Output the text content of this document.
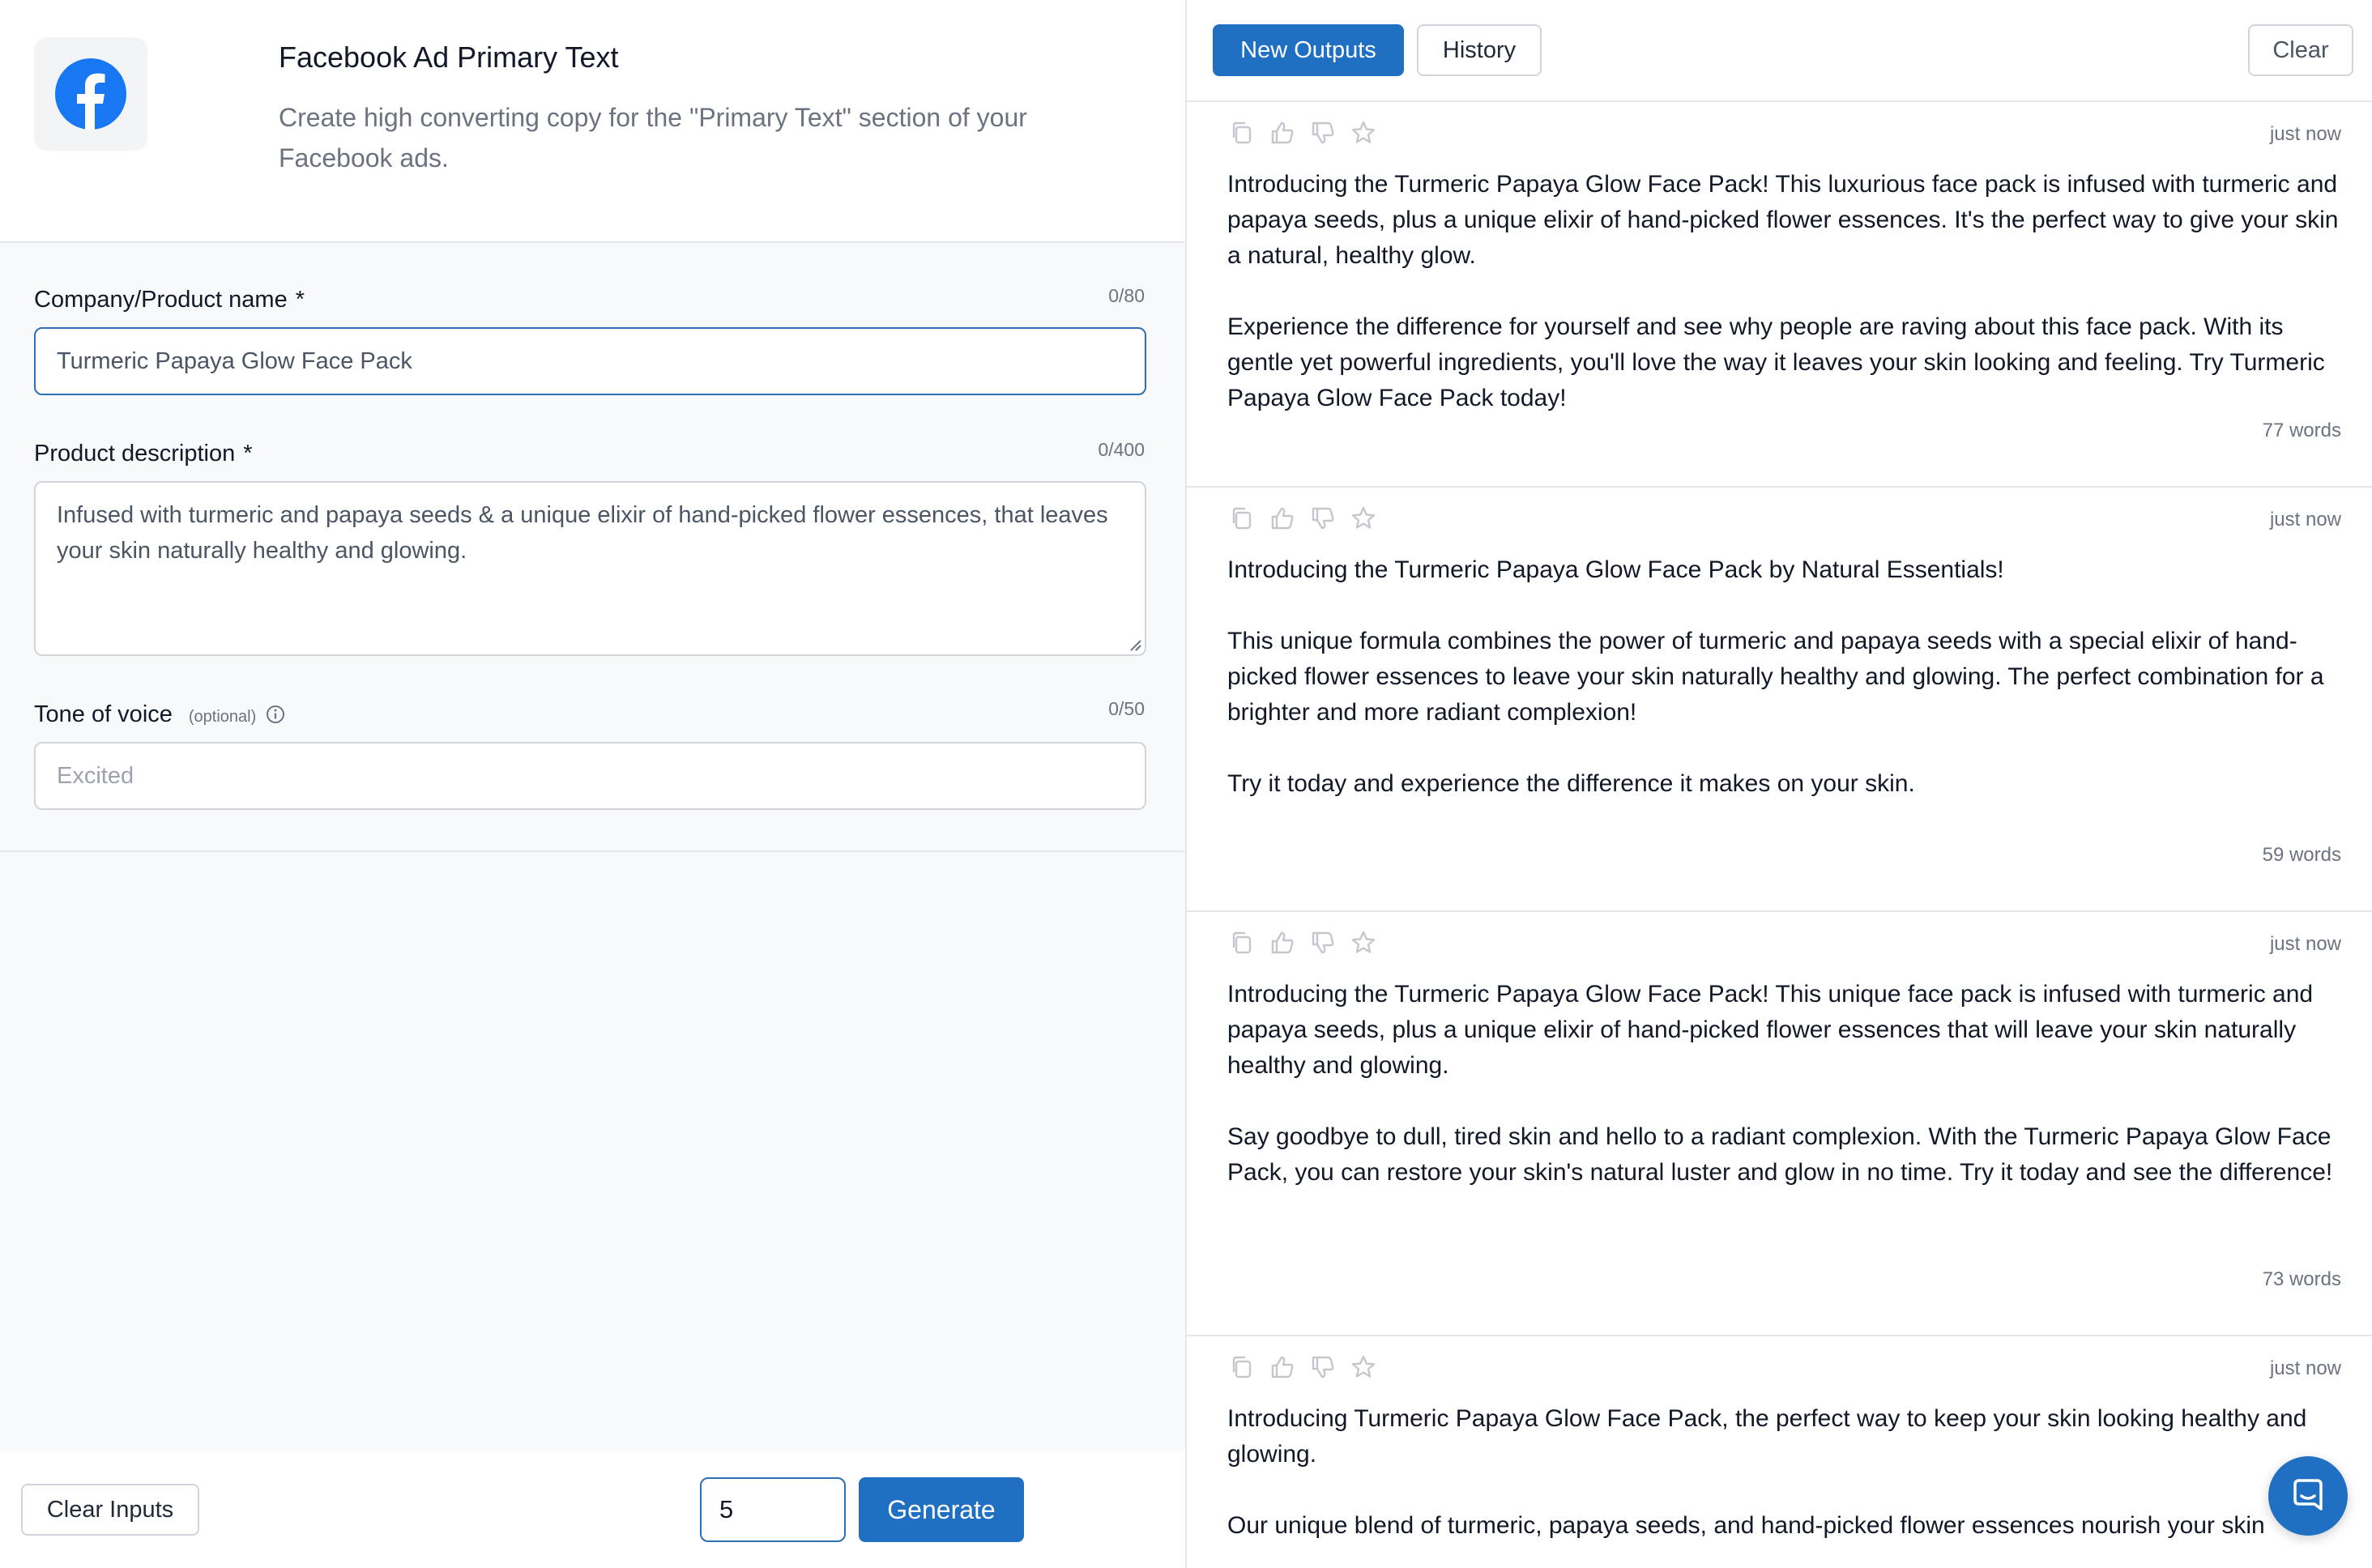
Facebook Ad Primary Text

Create high converting copy for the "Primary Text" section of your Facebook ads.

Company/Product name *	0/80
Turmeric Papaya Glow Face Pack
Product description *	0/400
Infused with turmeric and papaya seeds & a unique elixir of hand-picked flower essences, that leaves your skin naturally healthy and glowing.
Tone of voice (optional)	0/50
Excited
Clear Inputs	5	Generate
New Outputs	History	Clear
just now

Introducing the Turmeric Papaya Glow Face Pack! This luxurious face pack is infused with turmeric and papaya seeds, plus a unique elixir of hand-picked flower essences. It's the perfect way to give your skin a natural, healthy glow.

Experience the difference for yourself and see why people are raving about this face pack. With its gentle yet powerful ingredients, you'll love the way it leaves your skin looking and feeling. Try Turmeric Papaya Glow Face Pack today!

77 words
just now

Introducing the Turmeric Papaya Glow Face Pack by Natural Essentials!

This unique formula combines the power of turmeric and papaya seeds with a special elixir of hand-picked flower essences to leave your skin naturally healthy and glowing. The perfect combination for a brighter and more radiant complexion!

Try it today and experience the difference it makes on your skin.

59 words
just now

Introducing the Turmeric Papaya Glow Face Pack! This unique face pack is infused with turmeric and papaya seeds, plus a unique elixir of hand-picked flower essences that will leave your skin naturally healthy and glowing.

Say goodbye to dull, tired skin and hello to a radiant complexion. With the Turmeric Papaya Glow Face Pack, you can restore your skin's natural luster and glow in no time. Try it today and see the difference!

73 words
just now

Introducing Turmeric Papaya Glow Face Pack, the perfect way to keep your skin looking healthy and glowing.

Our unique blend of turmeric, papaya seeds, and hand-picked flower essences nourish your skin
